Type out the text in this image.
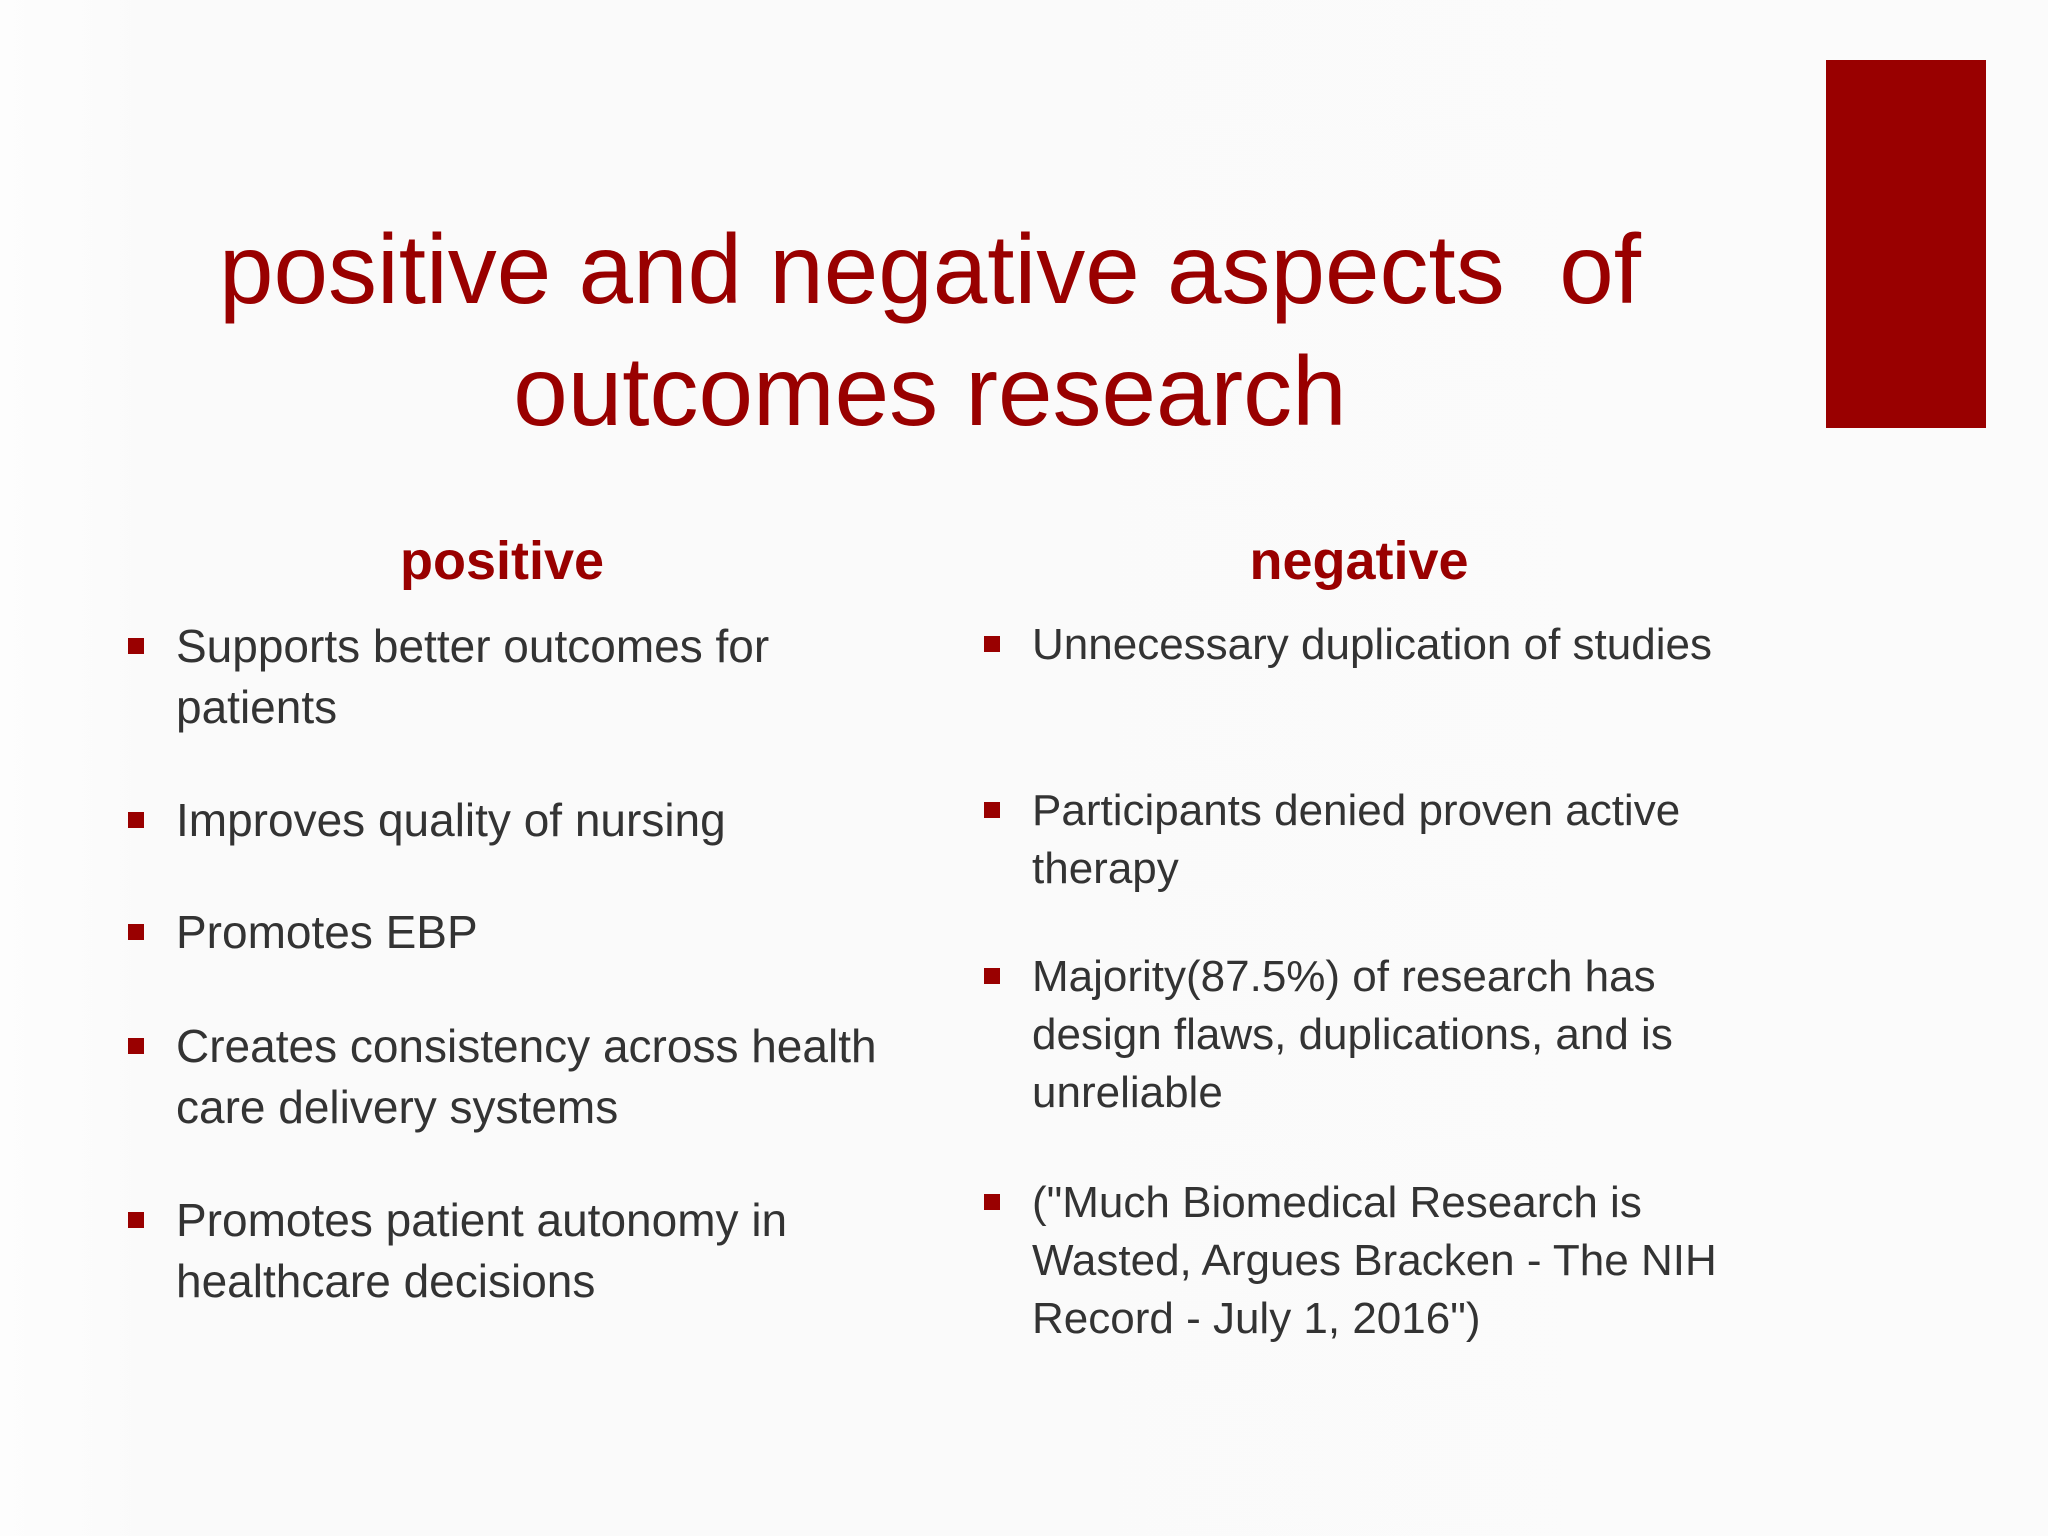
positive and negative aspects  of
outcomes research
positive	negative
Supports better outcomes for patients
Improves quality of nursing
Promotes EBP
Creates consistency across health care delivery systems
Promotes patient autonomy in healthcare decisions
Unnecessary duplication of studies
Participants denied proven active therapy
Majority(87.5%) of research has design flaws, duplications, and is unreliable
("Much Biomedical Research is Wasted, Argues Bracken - The NIH Record - July 1, 2016")
